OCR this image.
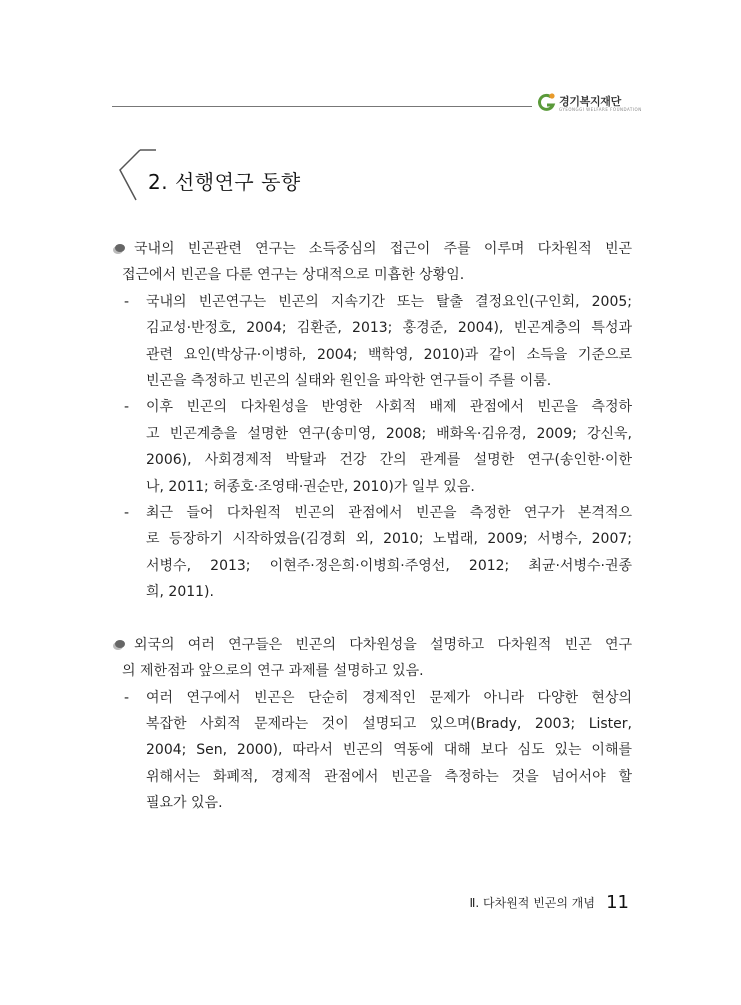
경기복지재단
GYEONGGI WELFARE FOUNDATION
2. 선행연구 동향
국내의 빈곤관련 연구는 소득중심의 접근이 주를 이루며 다차원적 빈곤
접근에서 빈곤을 다룬 연구는 상대적으로 미흡한 상황임.
-	국내의 빈곤연구는 빈곤의 지속기간 또는 탈출 결정요인(구인회, 2005;
김교성·반정호, 2004; 김환준, 2013; 홍경준, 2004), 빈곤계층의 특성과
관련 요인(박상규·이병하, 2004; 백학영, 2010)과 같이 소득을 기준으로
빈곤을 측정하고 빈곤의 실태와 원인을 파악한 연구들이 주를 이룸.
-	이후 빈곤의 다차원성을 반영한 사회적 배제 관점에서 빈곤을 측정하
고 빈곤계층을 설명한 연구(송미영, 2008; 배화옥·김유경, 2009; 강신욱,
2006), 사회경제적 박탈과 건강 간의 관계를 설명한 연구(송인한·이한
나, 2011; 허종호·조영태·권순만, 2010)가 일부 있음.
-	최근 들어 다차원적 빈곤의 관점에서 빈곤을 측정한 연구가 본격적으
로 등장하기 시작하였음(김경회 외, 2010; 노법래, 2009; 서병수, 2007;
서병수, 2013; 이현주·정은희·이병희·주영선, 2012; 최균·서병수·권종
희, 2011).
외국의 여러 연구들은 빈곤의 다차원성을 설명하고 다차원적 빈곤 연구
의 제한점과 앞으로의 연구 과제를 설명하고 있음.
-	여러 연구에서 빈곤은 단순히 경제적인 문제가 아니라 다양한 현상의
복잡한 사회적 문제라는 것이 설명되고 있으며(Brady, 2003; Lister,
2004; Sen, 2000), 따라서 빈곤의 역동에 대해 보다 심도 있는 이해를
위해서는 화폐적, 경제적 관점에서 빈곤을 측정하는 것을 넘어서야 할
필요가 있음.
Ⅱ. 다차원적 빈곤의 개념 11
